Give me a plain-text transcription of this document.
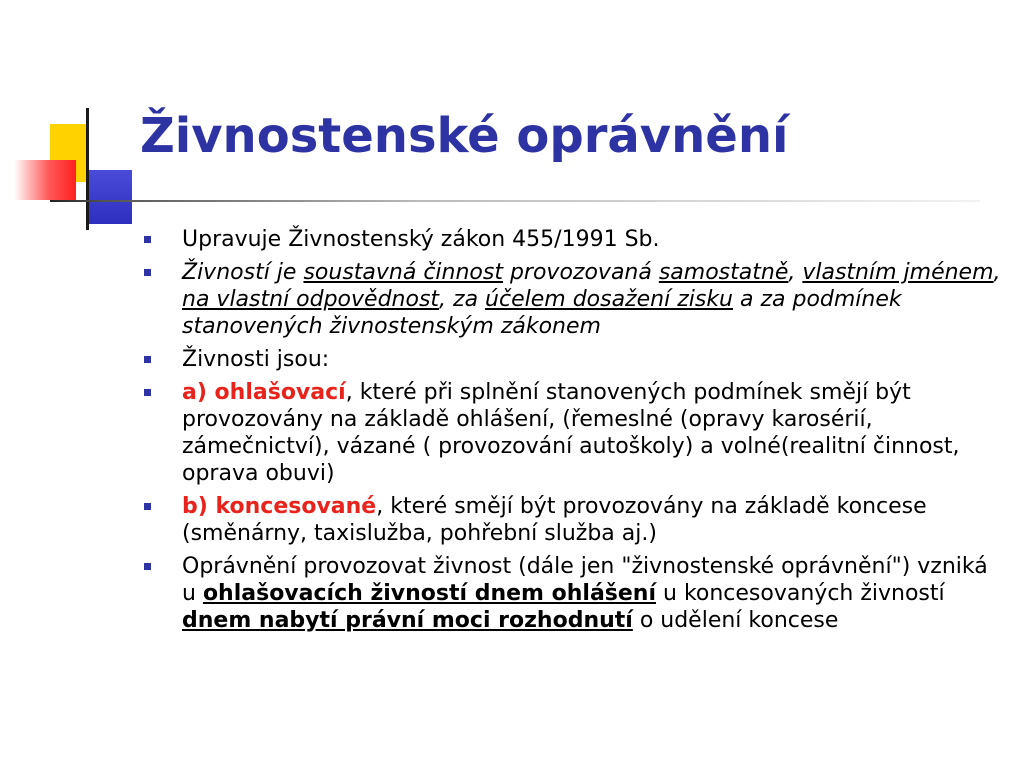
Živnostenské oprávnění
Upravuje Živnostenský zákon 455/1991 Sb.
Živností je soustavná činnost provozovaná samostatně, vlastním jménem, na vlastní odpovědnost, za účelem dosažení zisku a za podmínek stanovených živnostenským zákonem
Živnosti jsou:
a) ohlašovací, které při splnění stanovených podmínek smějí být provozovány na základě ohlášení, (řemeslné (opravy karosérií, zámečnictví), vázané ( provozování autoškoly) a volné(realitní činnost, oprava obuvi)
b) koncesované, které smějí být provozovány na základě koncese (směnárny, taxislužba, pohřební služba aj.)
Oprávnění provozovat živnost (dále jen "živnostenské oprávnění") vzniká u ohlašovacích živností dnem ohlášení u koncesovaných živností dnem nabytí právní moci rozhodnutí o udělení koncese
